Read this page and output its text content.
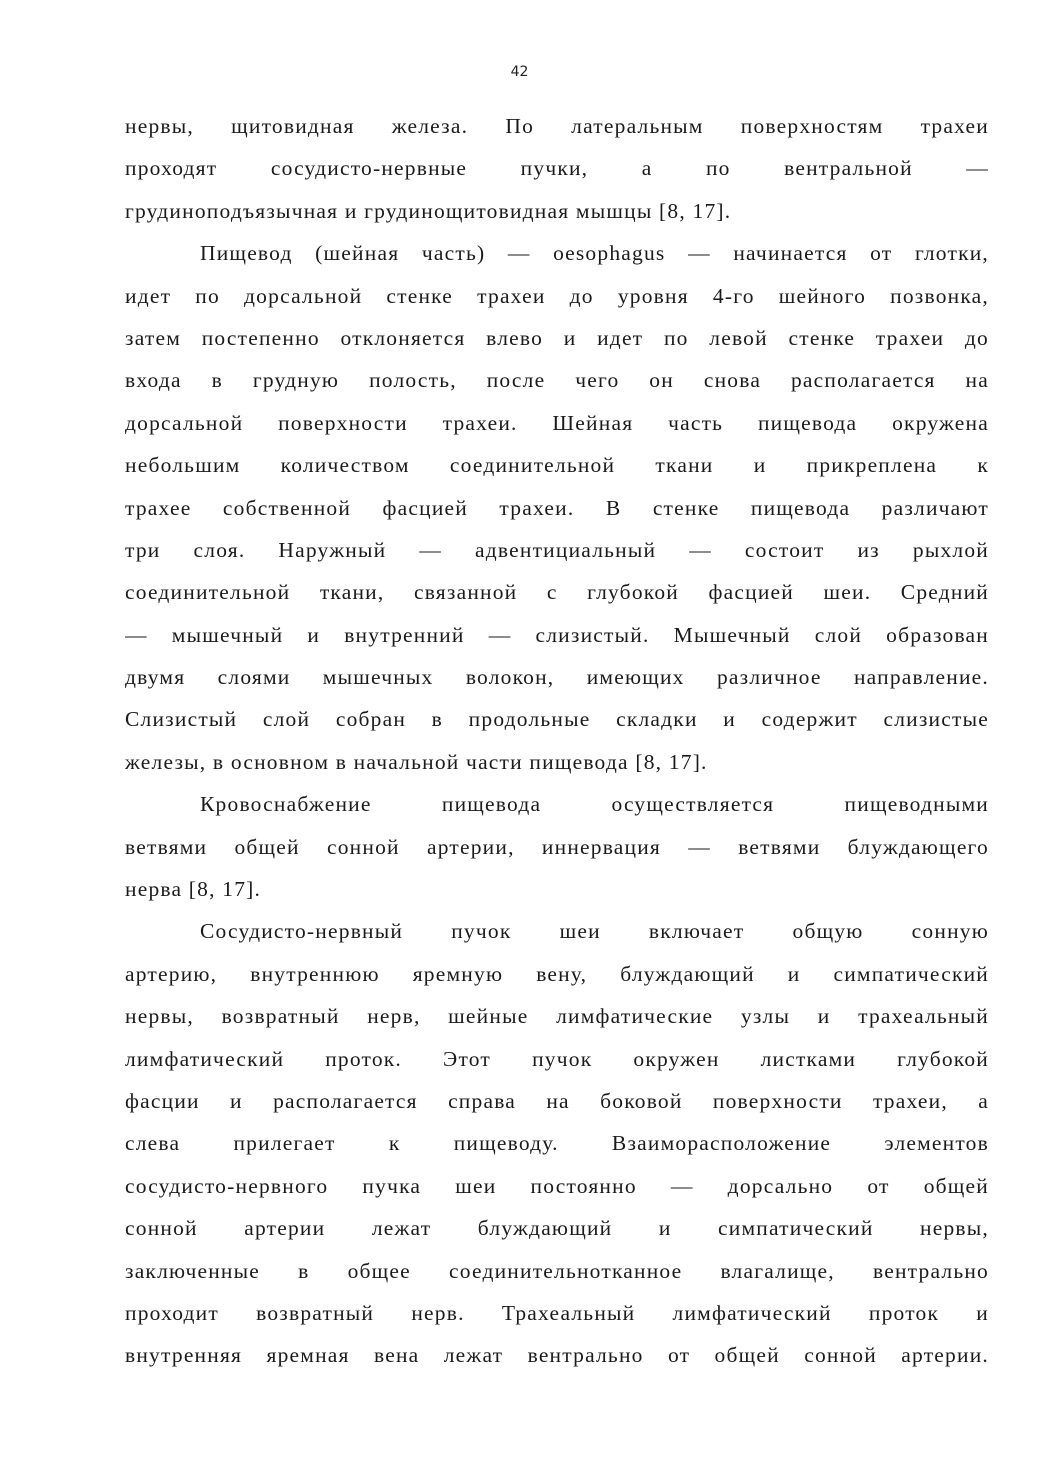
42
нервы, щитовидная железа. По латеральным поверхностям трахеи
проходят сосудисто-нервные пучки, а по вентральной —
грудиноподъязычная и грудинощитовидная мышцы [8, 17].
Пищевод (шейная часть) — oesophagus — начинается от глотки,
идет по дорсальной стенке трахеи до уровня 4-го шейного позвонка,
затем постепенно отклоняется влево и идет по левой стенке трахеи до
входа в грудную полость, после чего он снова располагается на
дорсальной поверхности трахеи. Шейная часть пищевода окружена
небольшим количеством соединительной ткани и прикреплена к
трахее собственной фасцией трахеи. В стенке пищевода различают
три слоя. Наружный — адвентициальный — состоит из рыхлой
соединительной ткани, связанной с глубокой фасцией шеи. Средний
— мышечный и внутренний — слизистый. Мышечный слой образован
двумя слоями мышечных волокон, имеющих различное направление.
Слизистый слой собран в продольные складки и содержит слизистые
железы, в основном в начальной части пищевода [8, 17].
Кровоснабжение пищевода осуществляется пищеводными
ветвями общей сонной артерии, иннервация — ветвями блуждающего
нерва [8, 17].
Сосудисто-нервный пучок шеи включает общую сонную
артерию, внутреннюю яремную вену, блуждающий и симпатический
нервы, возвратный нерв, шейные лимфатические узлы и трахеальный
лимфатический проток. Этот пучок окружен листками глубокой
фасции и располагается справа на боковой поверхности трахеи, а
слева прилегает к пищеводу. Взаиморасположение элементов
сосудисто-нервного пучка шеи постоянно — дорсально от общей
сонной артерии лежат блуждающий и симпатический нервы,
заключенные в общее соединительнотканное влагалище, вентрально
проходит возвратный нерв. Трахеальный лимфатический проток и
внутренняя яремная вена лежат вентрально от общей сонной артерии.
